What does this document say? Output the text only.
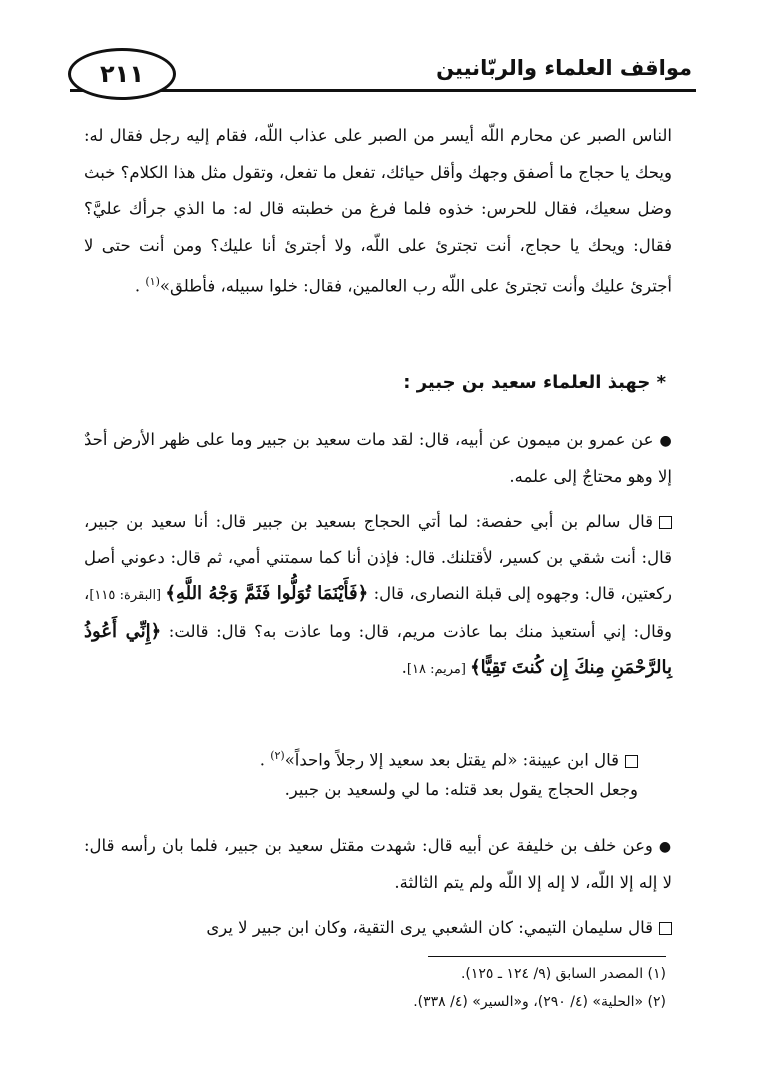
٢١١	مواقف العلماء والربّانيين
الناس الصبر عن محارم اللّه أيسر من الصبر على عذاب اللّه، فقام إليه رجل فقال له: ويحك يا حجاج ما أصفق وجهك وأقل حيائك، تفعل ما تفعل، وتقول مثل هذا الكلام؟ خبث وضل سعيك، فقال للحرس: خذوه فلما فرغ من خطبته قال له: ما الذي جرأك عليَّ؟ فقال: ويحك يا حجاج، أنت تجترئ على اللّه، ولا أجترئ أنا عليك؟ ومن أنت حتى لا أجترئ عليك وأنت تجترئ على اللّه رب العالمين، فقال: خلوا سبيله، فأطلق»$^{(١)}$ .
* جهبذ العلماء سعيد بن جبير :
●عن عمرو بن ميمون عن أبيه، قال: لقد مات سعيد بن جبير وما على ظهر الأرض أحدٌ إلا وهو محتاجٌ إلى علمه.
قال سالم بن أبي حفصة: لما أتي الحجاج بسعيد بن جبير قال: أنا سعيد بن جبير، قال: أنت شقي بن كسير، لأقتلنك. قال: فإذن أنا كما سمتني أمي، ثم قال: دعوني أصل ركعتين، قال: وجهوه إلى قبلة النصارى، قال: ﴿فَأَيْنَمَا تُوَلُّوا فَثَمَّ وَجْهُ اللَّهِ﴾ [البقرة: ١١٥]، وقال: إني أستعيذ منك بما عاذت مريم، قال: وما عاذت به؟ قال: قالت: ﴿إِنِّي أَعُوذُ بِالرَّحْمَنِ مِنكَ إِن كُنتَ تَقِيًّا﴾ [مريم: ١٨].
قال ابن عيينة: «لم يقتل بعد سعيد إلا رجلاً واحداً»$^{(٢)}$ .
وجعل الحجاج يقول بعد قتله: ما لي ولسعيد بن جبير.
●وعن خلف بن خليفة عن أبيه قال: شهدت مقتل سعيد بن جبير، فلما بان رأسه قال: لا إله إلا اللّه، لا إله إلا اللّه ولم يتم الثالثة.
قال سليمان التيمي: كان الشعبي يرى التقية، وكان ابن جبير لا يرى
(١) المصدر السابق (٩/ ١٢٤ ـ ١٢٥).
(٢) «الحلية» (٤/ ٢٩٠)، و«السير» (٤/ ٣٣٨).
